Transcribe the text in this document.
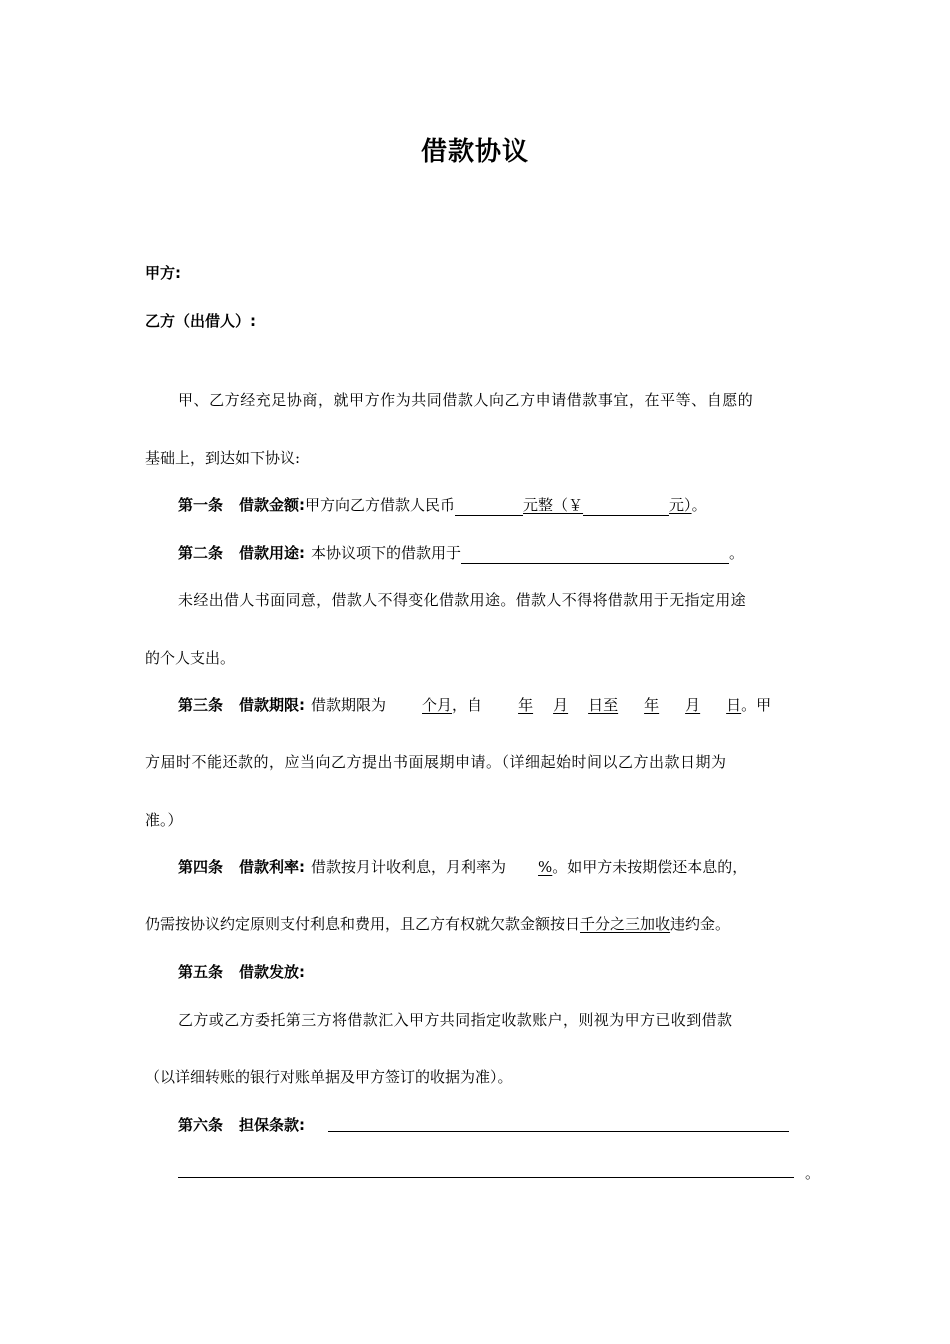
借款协议
甲方:
乙方（出借人）:
甲、乙方经充足协商，就甲方作为共同借款人向乙方申请借款事宜，在平等、自愿的
基础上，到达如下协议:
第一条 借款金额:甲方向乙方借款人民币	元整（￥	元）。
第二条 借款用途: 本协议项下的借款用于	。
未经出借人书面同意，借款人不得变化借款用途。借款人不得将借款用于无指定用途
的个人支出。
第三条 借款期限: 借款期限为 个月，自 年 月 日至 年 月 日。甲
方届时不能还款的，应当向乙方提出书面展期申请。（详细起始时间以乙方出款日期为
准。）
第四条 借款利率: 借款按月计收利息，月利率为 %。如甲方未按期偿还本息的，
仍需按协议约定原则支付利息和费用，且乙方有权就欠款金额按日千分之三加收违约金。
第五条 借款发放:
乙方或乙方委托第三方将借款汇入甲方共同指定收款账户，则视为甲方已收到借款
（以详细转账的银行对账单据及甲方签订的收据为准）。
第六条 担保条款:
。
